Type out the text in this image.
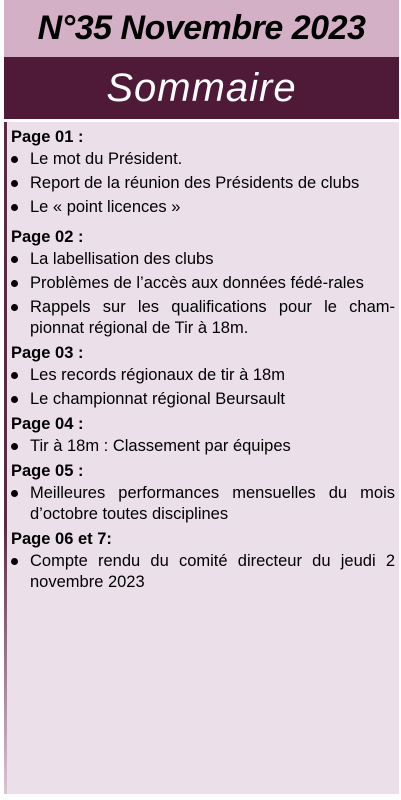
N°35 Novembre 2023
Sommaire
Page 01 :
Le mot du Président.
Report de la réunion des Présidents de clubs
Le « point licences »
Page 02 :
La labellisation des clubs
Problèmes de l’accès aux données fédé-rales
Rappels sur les qualifications pour le cham-pionnat régional de Tir à 18m.
Page 03 :
Les records régionaux de tir à 18m
Le championnat régional Beursault
Page 04 :
Tir à 18m : Classement par équipes
Page 05 :
Meilleures performances mensuelles du mois d’octobre toutes disciplines
Page 06 et 7:
Compte rendu du comité directeur du jeudi 2 novembre 2023
